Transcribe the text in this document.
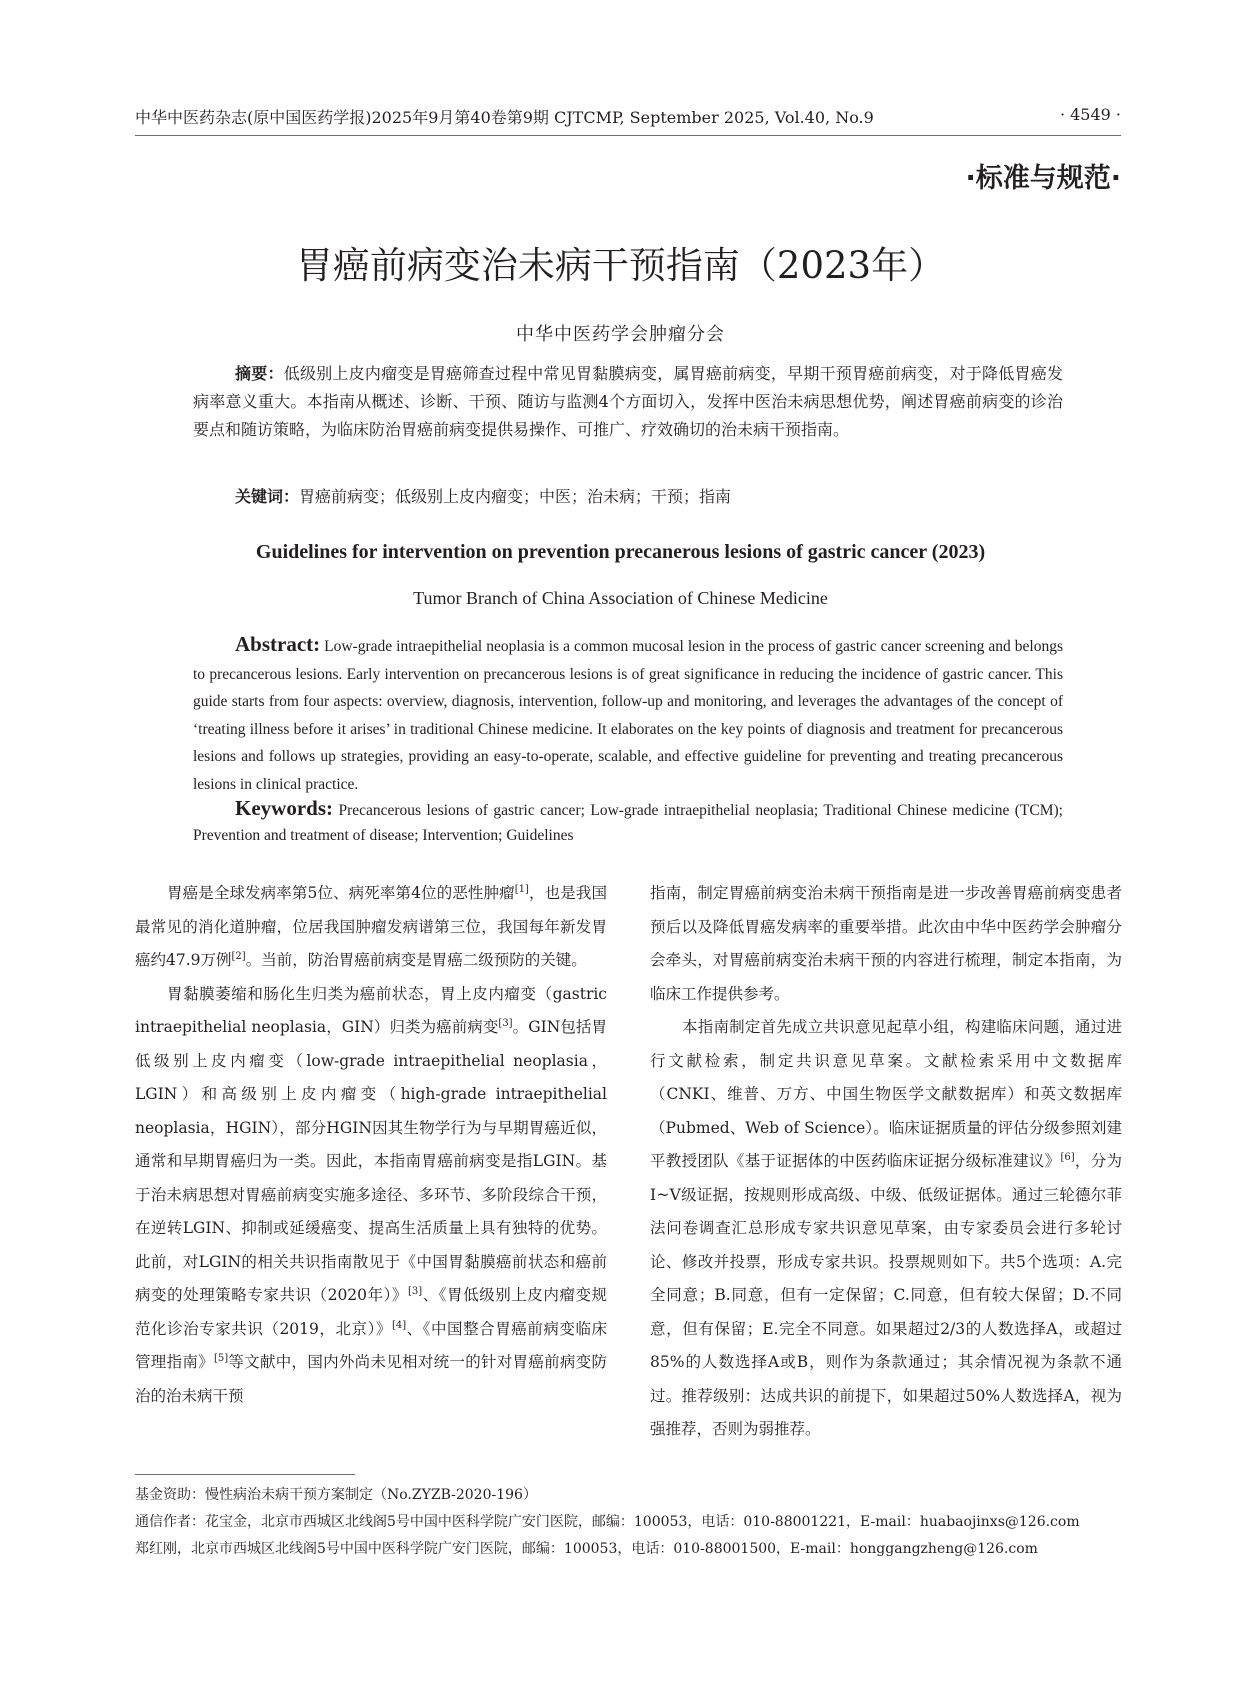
中华中医药杂志(原中国医药学报)2025年9月第40卷第9期 CJTCMP, September 2025, Vol.40, No.9	· 4549 ·
·标准与规范·
胃癌前病变治未病干预指南（2023年）
中华中医药学会肿瘤分会
摘要：低级别上皮内瘤变是胃癌筛查过程中常见胃黏膜病变，属胃癌前病变，早期干预胃癌前病变，对于降低胃癌发病率意义重大。本指南从概述、诊断、干预、随访与监测4个方面切入，发挥中医治未病思想优势，阐述胃癌前病变的诊治要点和随访策略，为临床防治胃癌前病变提供易操作、可推广、疗效确切的治未病干预指南。
关键词：胃癌前病变；低级别上皮内瘤变；中医；治未病；干预；指南
Guidelines for intervention on prevention precanerous lesions of gastric cancer (2023)
Tumor Branch of China Association of Chinese Medicine
Abstract: Low-grade intraepithelial neoplasia is a common mucosal lesion in the process of gastric cancer screening and belongs to precancerous lesions. Early intervention on precancerous lesions is of great significance in reducing the incidence of gastric cancer. This guide starts from four aspects: overview, diagnosis, intervention, follow-up and monitoring, and leverages the advantages of the concept of ‘treating illness before it arises’ in traditional Chinese medicine. It elaborates on the key points of diagnosis and treatment for precancerous lesions and follows up strategies, providing an easy-to-operate, scalable, and effective guideline for preventing and treating precancerous lesions in clinical practice.
Keywords: Precancerous lesions of gastric cancer; Low-grade intraepithelial neoplasia; Traditional Chinese medicine (TCM); Prevention and treatment of disease; Intervention; Guidelines

胃癌是全球发病率第5位、病死率第4位的恶性肿瘤[1]，也是我国最常见的消化道肿瘤，位居我国肿瘤发病谱第三位，我国每年新发胃癌约47.9万例[2]。当前，防治胃癌前病变是胃癌二级预防的关键。

胃黏膜萎缩和肠化生归类为癌前状态，胃上皮内瘤变（gastric intraepithelial neoplasia，GIN）归类为癌前病变[3]。GIN包括胃低级别上皮内瘤变（low-grade intraepithelial neoplasia，LGIN）和高级别上皮内瘤变（high-grade intraepithelial neoplasia，HGIN），部分HGIN因其生物学行为与早期胃癌近似，通常和早期胃癌归为一类。因此，本指南胃癌前病变是指LGIN。基于治未病思想对胃癌前病变实施多途径、多环节、多阶段综合干预，在逆转LGIN、抑制或延缓癌变、提高生活质量上具有独特的优势。此前，对LGIN的相关共识指南散见于《中国胃黏膜癌前状态和癌前病变的处理策略专家共识（2020年）》[3]、《胃低级别上皮内瘤变规范化诊治专家共识（2019，北京）》[4]、《中国整合胃癌前病变临床管理指南》[5]等文献中，国内外尚未见相对统一的针对胃癌前病变防治的治未病干预

指南，制定胃癌前病变治未病干预指南是进一步改善胃癌前病变患者预后以及降低胃癌发病率的重要举措。此次由中华中医药学会肿瘤分会牵头，对胃癌前病变治未病干预的内容进行梳理，制定本指南，为临床工作提供参考。

本指南制定首先成立共识意见起草小组，构建临床问题，通过进行文献检索，制定共识意见草案。文献检索采用中文数据库（CNKI、维普、万方、中国生物医学文献数据库）和英文数据库（Pubmed、Web of Science）。临床证据质量的评估分级参照刘建平教授团队《基于证据体的中医药临床证据分级标准建议》[6]，分为Ⅰ~Ⅴ级证据，按规则形成高级、中级、低级证据体。通过三轮德尔菲法问卷调查汇总形成专家共识意见草案，由专家委员会进行多轮讨论、修改并投票，形成专家共识。投票规则如下。共5个选项：A.完全同意；B.同意，但有一定保留；C.同意，但有较大保留；D.不同意，但有保留；E.完全不同意。如果超过2/3的人数选择A，或超过85%的人数选择A或B，则作为条款通过；其余情况视为条款不通过。推荐级别：达成共识的前提下，如果超过50%人数选择A，视为强推荐，否则为弱推荐。

基金资助：慢性病治未病干预方案制定（No.ZYZB-2020-196）
通信作者：花宝金，北京市西城区北线阁5号中国中医科学院广安门医院，邮编：100053，电话：010-88001221，E-mail：huabaojinxs@126.com
郑红刚，北京市西城区北线阁5号中国中医科学院广安门医院，邮编：100053，电话：010-88001500，E-mail：honggangzheng@126.com
